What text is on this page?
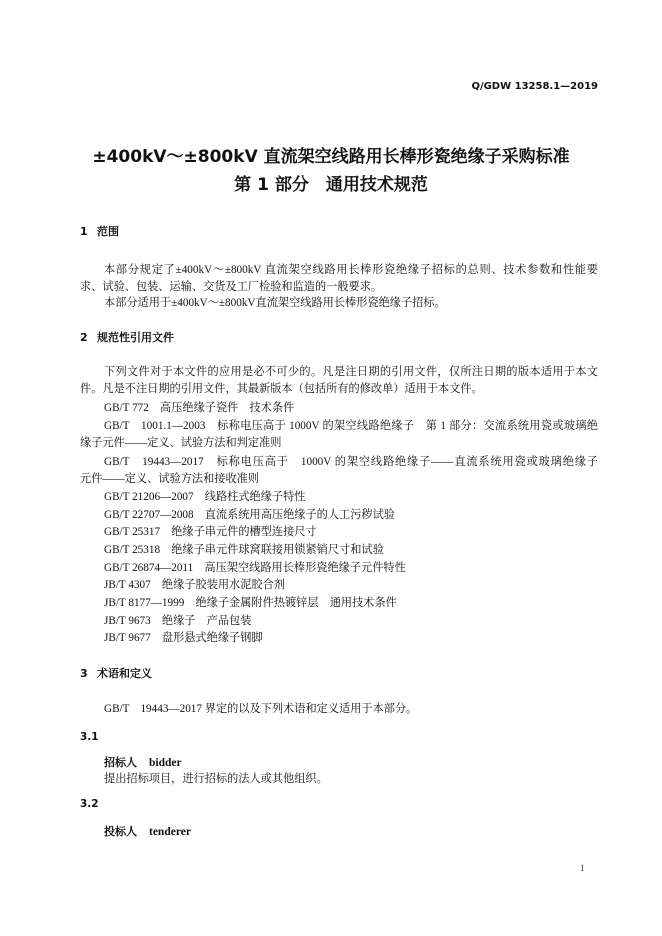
Q/GDW 13258.1—2019
±400kV～±800kV 直流架空线路用长棒形瓷绝缘子采购标准
第 1 部分　通用技术规范
1 范围
本部分规定了±400kV～±800kV 直流架空线路用长棒形瓷绝缘子招标的总则、技术参数和性能要
求、试验、包装、运输、交货及工厂检验和监造的一般要求。
本部分适用于±400kV～±800kV直流架空线路用长棒形瓷绝缘子招标。
2 规范性引用文件
下列文件对于本文件的应用是必不可少的。凡是注日期的引用文件，仅所注日期的版本适用于本文
件。凡是不注日期的引用文件，其最新版本（包括所有的修改单）适用于本文件。
GB/T 772　高压绝缘子瓷件　技术条件
GB/T　1001.1—2003　标称电压高于 1000V 的架空线路绝缘子　第 1 部分：交流系统用瓷或玻璃绝
缘子元件——定义、试验方法和判定准则
GB/T　19443—2017　标称电压高于　1000V 的架空线路绝缘子——直流系统用瓷或玻璃绝缘子
元件——定义、试验方法和接收准则
GB/T 21206—2007　线路柱式绝缘子特性
GB/T 22707—2008　直流系统用高压绝缘子的人工污秽试验
GB/T 25317　绝缘子串元件的槽型连接尺寸
GB/T 25318　绝缘子串元件球窝联接用锁紧销尺寸和试验
GB/T 26874—2011　高压架空线路用长棒形瓷绝缘子元件特性
JB/T 4307　绝缘子胶装用水泥胶合剂
JB/T 8177—1999　绝缘子金属附件热镀锌层　通用技术条件
JB/T 9673　绝缘子　产品包装
JB/T 9677　盘形悬式绝缘子钢脚
3 术语和定义
GB/T　19443—2017 界定的以及下列术语和定义适用于本部分。
3.1
招标人 bidder
提出招标项目，进行招标的法人或其他组织。
3.2
投标人 tenderer
1
